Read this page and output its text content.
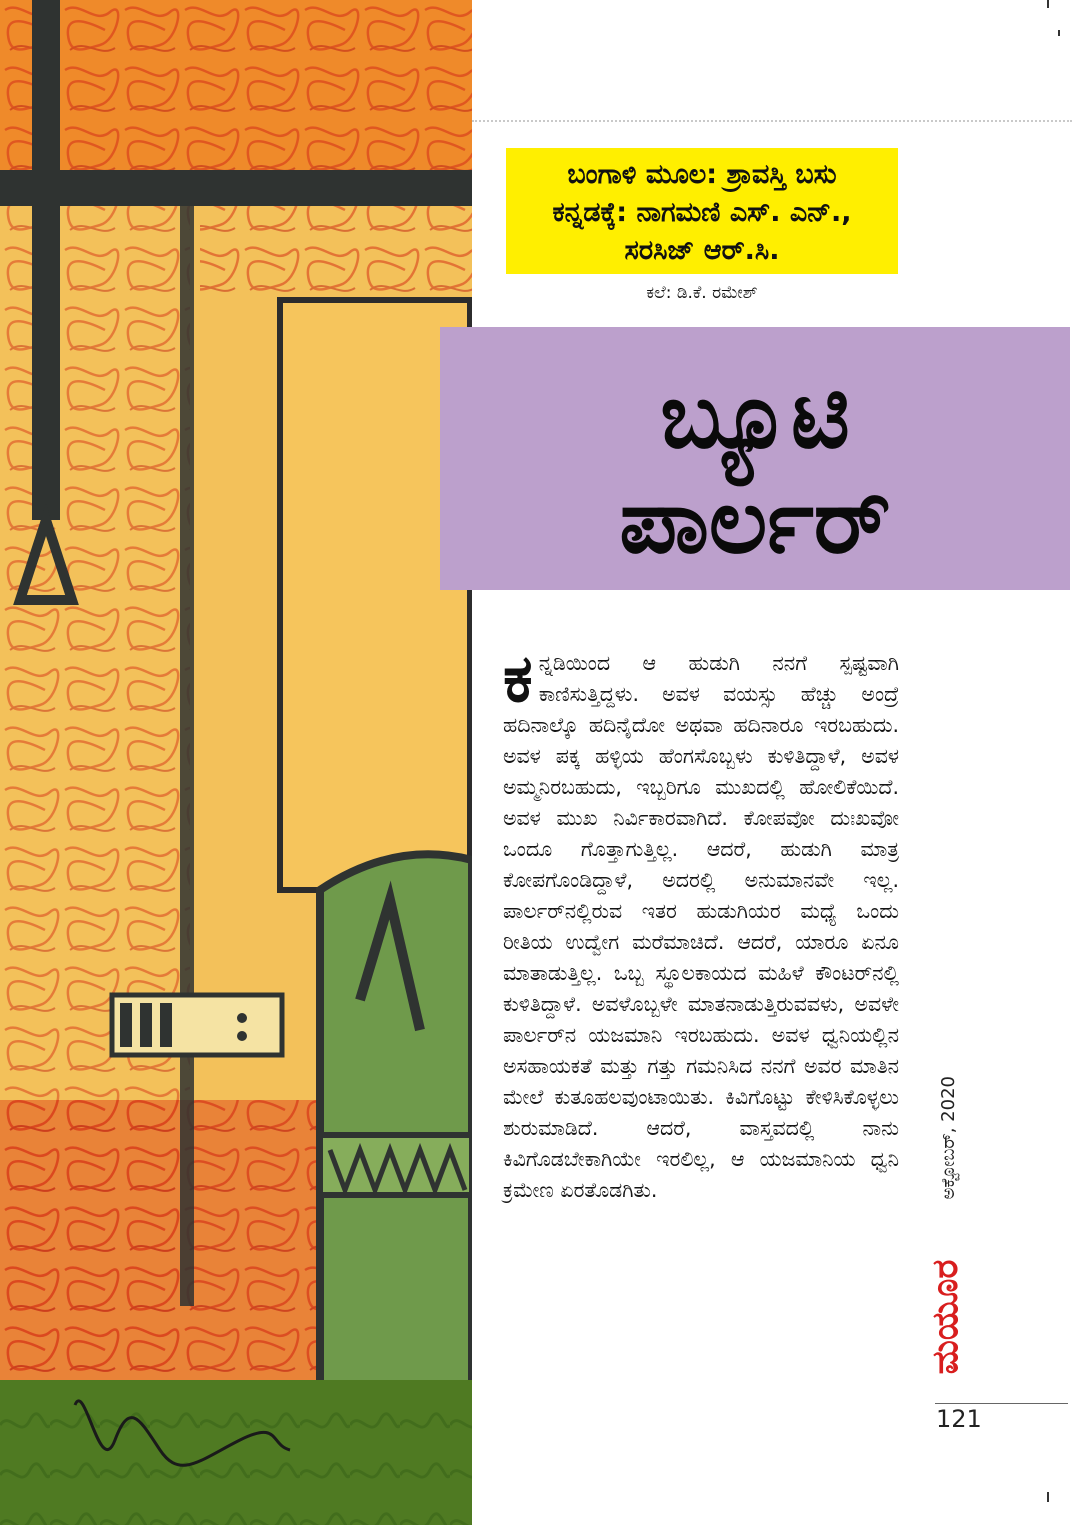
ಬಂಗಾಳಿ ಮೂಲ: ಶ್ರಾವಸ್ತಿ ಬಸು
ಕನ್ನಡಕ್ಕೆ: ನಾಗಮಣಿ ಎಸ್. ಎನ್.,
ಸರಸಿಜ್ ಆರ್.ಸಿ.
ಕಲೆ: ಡಿ.ಕೆ. ರಮೇಶ್
ಬ್ಯೂಟಿ
ಪಾರ್ಲರ್
ಕ ನ್ನಡಿಯಿಂದ ಆ ಹುಡುಗಿ ನನಗೆ ಸ್ಪಷ್ಟವಾಗಿ ಕಾಣಿಸುತ್ತಿದ್ದಳು. ಅವಳ ವಯಸ್ಸು ಹೆಚ್ಚು ಅಂದ್ರೆ ಹದಿನಾಲ್ಕೊ ಹದಿನೈದೋ ಅಥವಾ ಹದಿನಾರೂ ಇರಬಹುದು. ಅವಳ ಪಕ್ಕ ಹಳ್ಳಿಯ ಹೆಂಗಸೊಬ್ಬಳು ಕುಳಿತಿದ್ದಾಳೆ, ಅವಳ ಅಮ್ಮನಿರಬಹುದು, ಇಬ್ಬರಿಗೂ ಮುಖದಲ್ಲಿ ಹೋಲಿಕೆಯಿದೆ. ಅವಳ ಮುಖ ನಿರ್ವಿಕಾರವಾಗಿದೆ. ಕೋಪವೋ ದುಃಖವೋ ಒಂದೂ ಗೊತ್ತಾಗುತ್ತಿಲ್ಲ. ಆದರೆ, ಹುಡುಗಿ ಮಾತ್ರ ಕೋಪಗೊಂಡಿದ್ದಾಳೆ, ಅದರಲ್ಲಿ ಅನುಮಾನವೇ ಇಲ್ಲ. ಪಾರ್ಲರ್‌ನಲ್ಲಿರುವ ಇತರ ಹುಡುಗಿಯರ ಮಧ್ಯೆ ಒಂದು ರೀತಿಯ ಉದ್ವೇಗ ಮರೆಮಾಚಿದೆ. ಆದರೆ, ಯಾರೂ ಏನೂ ಮಾತಾಡುತ್ತಿಲ್ಲ. ಒಬ್ಬ ಸ್ಥೂಲಕಾಯದ ಮಹಿಳೆ ಕೌಂಟರ್‌ನಲ್ಲಿ ಕುಳಿತಿದ್ದಾಳೆ. ಅವಳೊಬ್ಬಳೇ ಮಾತನಾಡುತ್ತಿರುವವಳು, ಅವಳೇ ಪಾರ್ಲರ್‌ನ ಯಜಮಾನಿ ಇರಬಹುದು. ಅವಳ ಧ್ವನಿಯಲ್ಲಿನ ಅಸಹಾಯಕತೆ ಮತ್ತು ಗತ್ತು ಗಮನಿಸಿದ ನನಗೆ ಅವರ ಮಾತಿನ ಮೇಲೆ ಕುತೂಹಲವುಂಟಾಯಿತು. ಕಿವಿಗೊಟ್ಟು ಕೇಳಿಸಿಕೊಳ್ಳಲು ಶುರುಮಾಡಿದೆ. ಆದರೆ, ವಾಸ್ತವದಲ್ಲಿ ನಾನು ಕಿವಿಗೊಡಬೇಕಾಗಿಯೇ ಇರಲಿಲ್ಲ, ಆ ಯಜಮಾನಿಯ ಧ್ವನಿ ಕ್ರಮೇಣ ಏರತೊಡಗಿತು.	ಅಕ್ಟೋಬರ್, 2020
ಮಯೂರ
121
